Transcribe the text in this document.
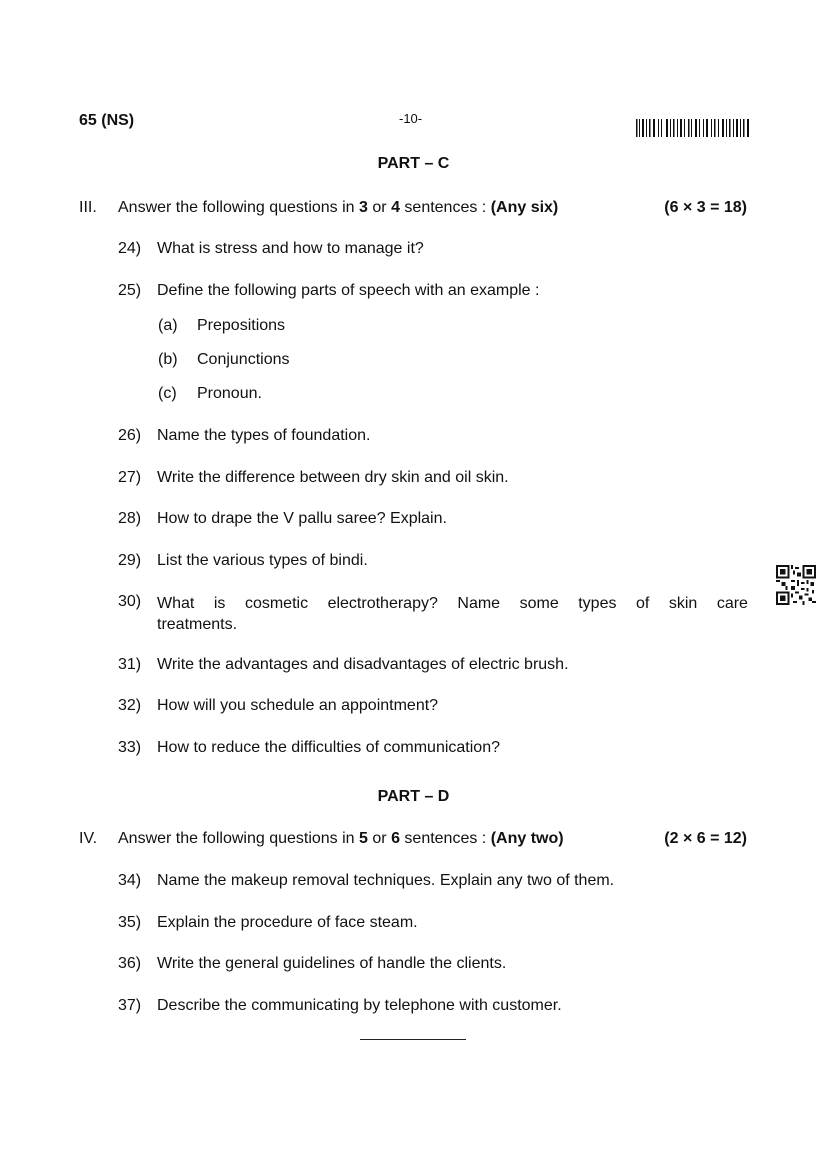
65 (NS)	-10-
PART – C
III. Answer the following questions in 3 or 4 sentences : (Any six)	(6 × 3 = 18)
24) What is stress and how to manage it?
25) Define the following parts of speech with an example :
(a) Prepositions
(b) Conjunctions
(c) Pronoun.
26) Name the types of foundation.
27) Write the difference between dry skin and oil skin.
28) How to drape the V pallu saree? Explain.
29) List the various types of bindi.
30) What is cosmetic electrotherapy? Name some types of skin care
treatments.
31) Write the advantages and disadvantages of electric brush.
32) How will you schedule an appointment?
33) How to reduce the difficulties of communication?
PART – D
IV. Answer the following questions in 5 or 6 sentences : (Any two)	(2 × 6 = 12)
34) Name the makeup removal techniques. Explain any two of them.
35) Explain the procedure of face steam.
36) Write the general guidelines of handle the clients.
37) Describe the communicating by telephone with customer.
